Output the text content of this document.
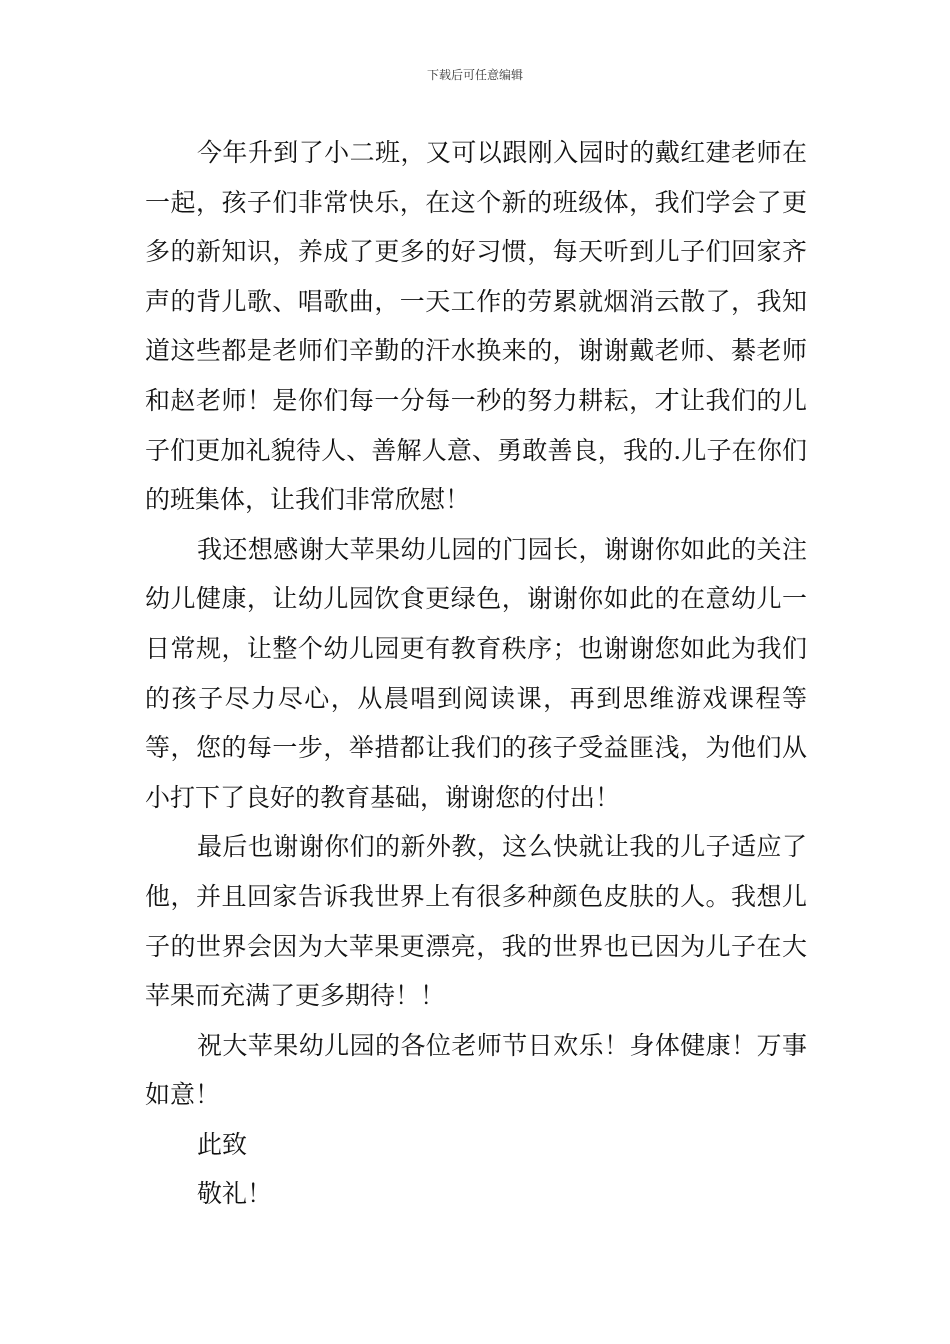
下载后可任意编辑

今年升到了小二班，又可以跟刚入园时的戴红建老师在一起，孩子们非常快乐，在这个新的班级体，我们学会了更多的新知识，养成了更多的好习惯，每天听到儿子们回家齐声的背儿歌、唱歌曲，一天工作的劳累就烟消云散了，我知道这些都是老师们辛勤的汗水换来的，谢谢戴老师、綦老师和赵老师！是你们每一分每一秒的努力耕耘，才让我们的儿子们更加礼貌待人、善解人意、勇敢善良，我的.儿子在你们的班集体，让我们非常欣慰！

我还想感谢大苹果幼儿园的门园长，谢谢你如此的关注幼儿健康，让幼儿园饮食更绿色，谢谢你如此的在意幼儿一日常规，让整个幼儿园更有教育秩序；也谢谢您如此为我们的孩子尽力尽心，从晨唱到阅读课，再到思维游戏课程等等，您的每一步，举措都让我们的孩子受益匪浅，为他们从小打下了良好的教育基础，谢谢您的付出！

最后也谢谢你们的新外教，这么快就让我的儿子适应了他，并且回家告诉我世界上有很多种颜色皮肤的人。我想儿子的世界会因为大苹果更漂亮，我的世界也已因为儿子在大苹果而充满了更多期待！！

祝大苹果幼儿园的各位老师节日欢乐！身体健康！万事如意！

此致

敬礼！
